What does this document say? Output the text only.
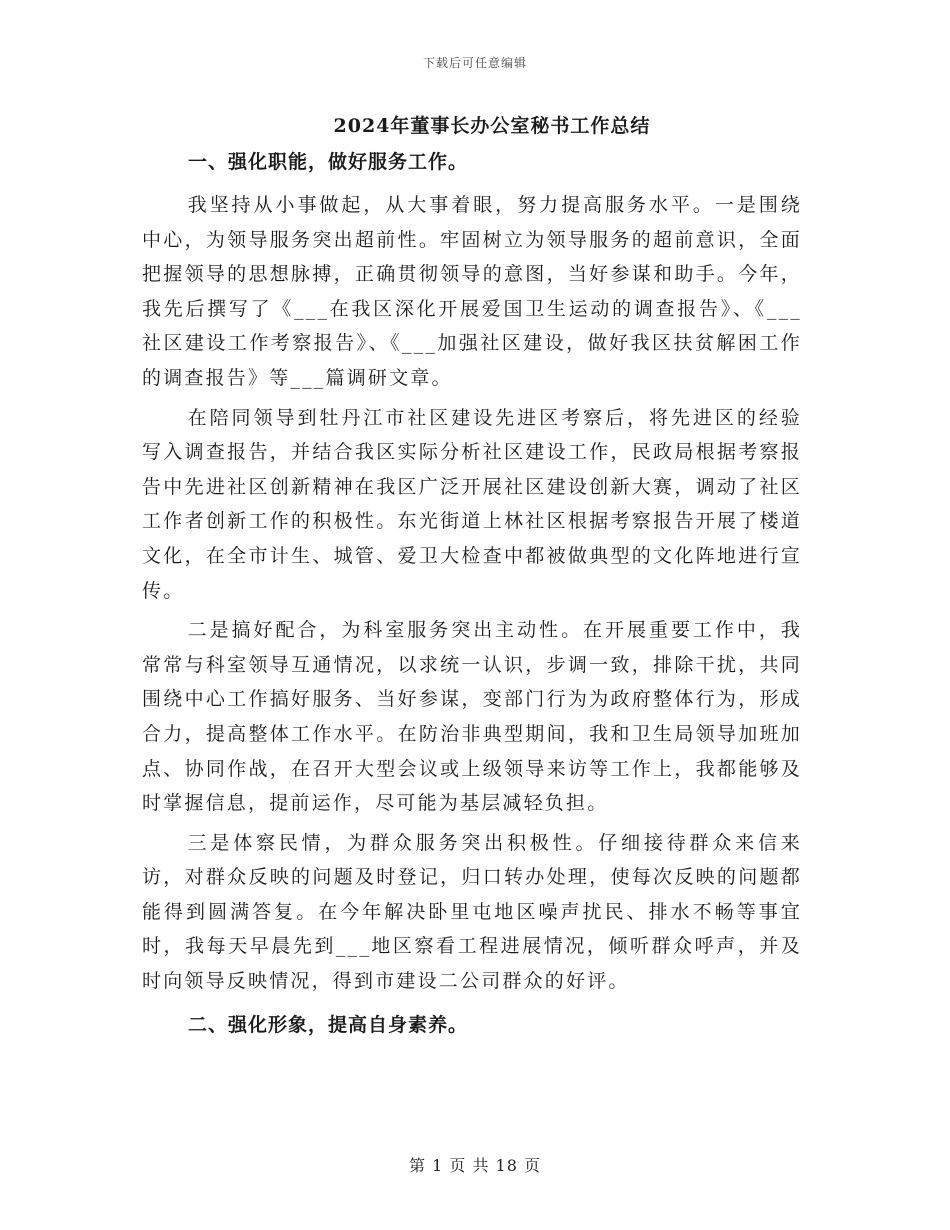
下载后可任意编辑
2024年董事长办公室秘书工作总结
一、强化职能，做好服务工作。

我坚持从小事做起，从大事着眼，努力提高服务水平。一是围绕中心，为领导服务突出超前性。牢固树立为领导服务的超前意识，全面把握领导的思想脉搏，正确贯彻领导的意图，当好参谋和助手。今年，我先后撰写了《___在我区深化开展爱国卫生运动的调查报告》、《___社区建设工作考察报告》、《___加强社区建设，做好我区扶贫解困工作的调查报告》等___篇调研文章。

在陪同领导到牡丹江市社区建设先进区考察后，将先进区的经验写入调查报告，并结合我区实际分析社区建设工作，民政局根据考察报告中先进社区创新精神在我区广泛开展社区建设创新大赛，调动了社区工作者创新工作的积极性。东光街道上林社区根据考察报告开展了楼道文化，在全市计生、城管、爱卫大检查中都被做典型的文化阵地进行宣传。

二是搞好配合，为科室服务突出主动性。在开展重要工作中，我常常与科室领导互通情况，以求统一认识，步调一致，排除干扰，共同围绕中心工作搞好服务、当好参谋，变部门行为为政府整体行为，形成合力，提高整体工作水平。在防治非典型期间，我和卫生局领导加班加点、协同作战，在召开大型会议或上级领导来访等工作上，我都能够及时掌握信息，提前运作，尽可能为基层减轻负担。

三是体察民情，为群众服务突出积极性。仔细接待群众来信来访，对群众反映的问题及时登记，归口转办处理，使每次反映的问题都能得到圆满答复。在今年解决卧里屯地区噪声扰民、排水不畅等事宜时，我每天早晨先到___地区察看工程进展情况，倾听群众呼声，并及时向领导反映情况，得到市建设二公司群众的好评。

二、强化形象，提高自身素养。
第 1 页 共 18 页
